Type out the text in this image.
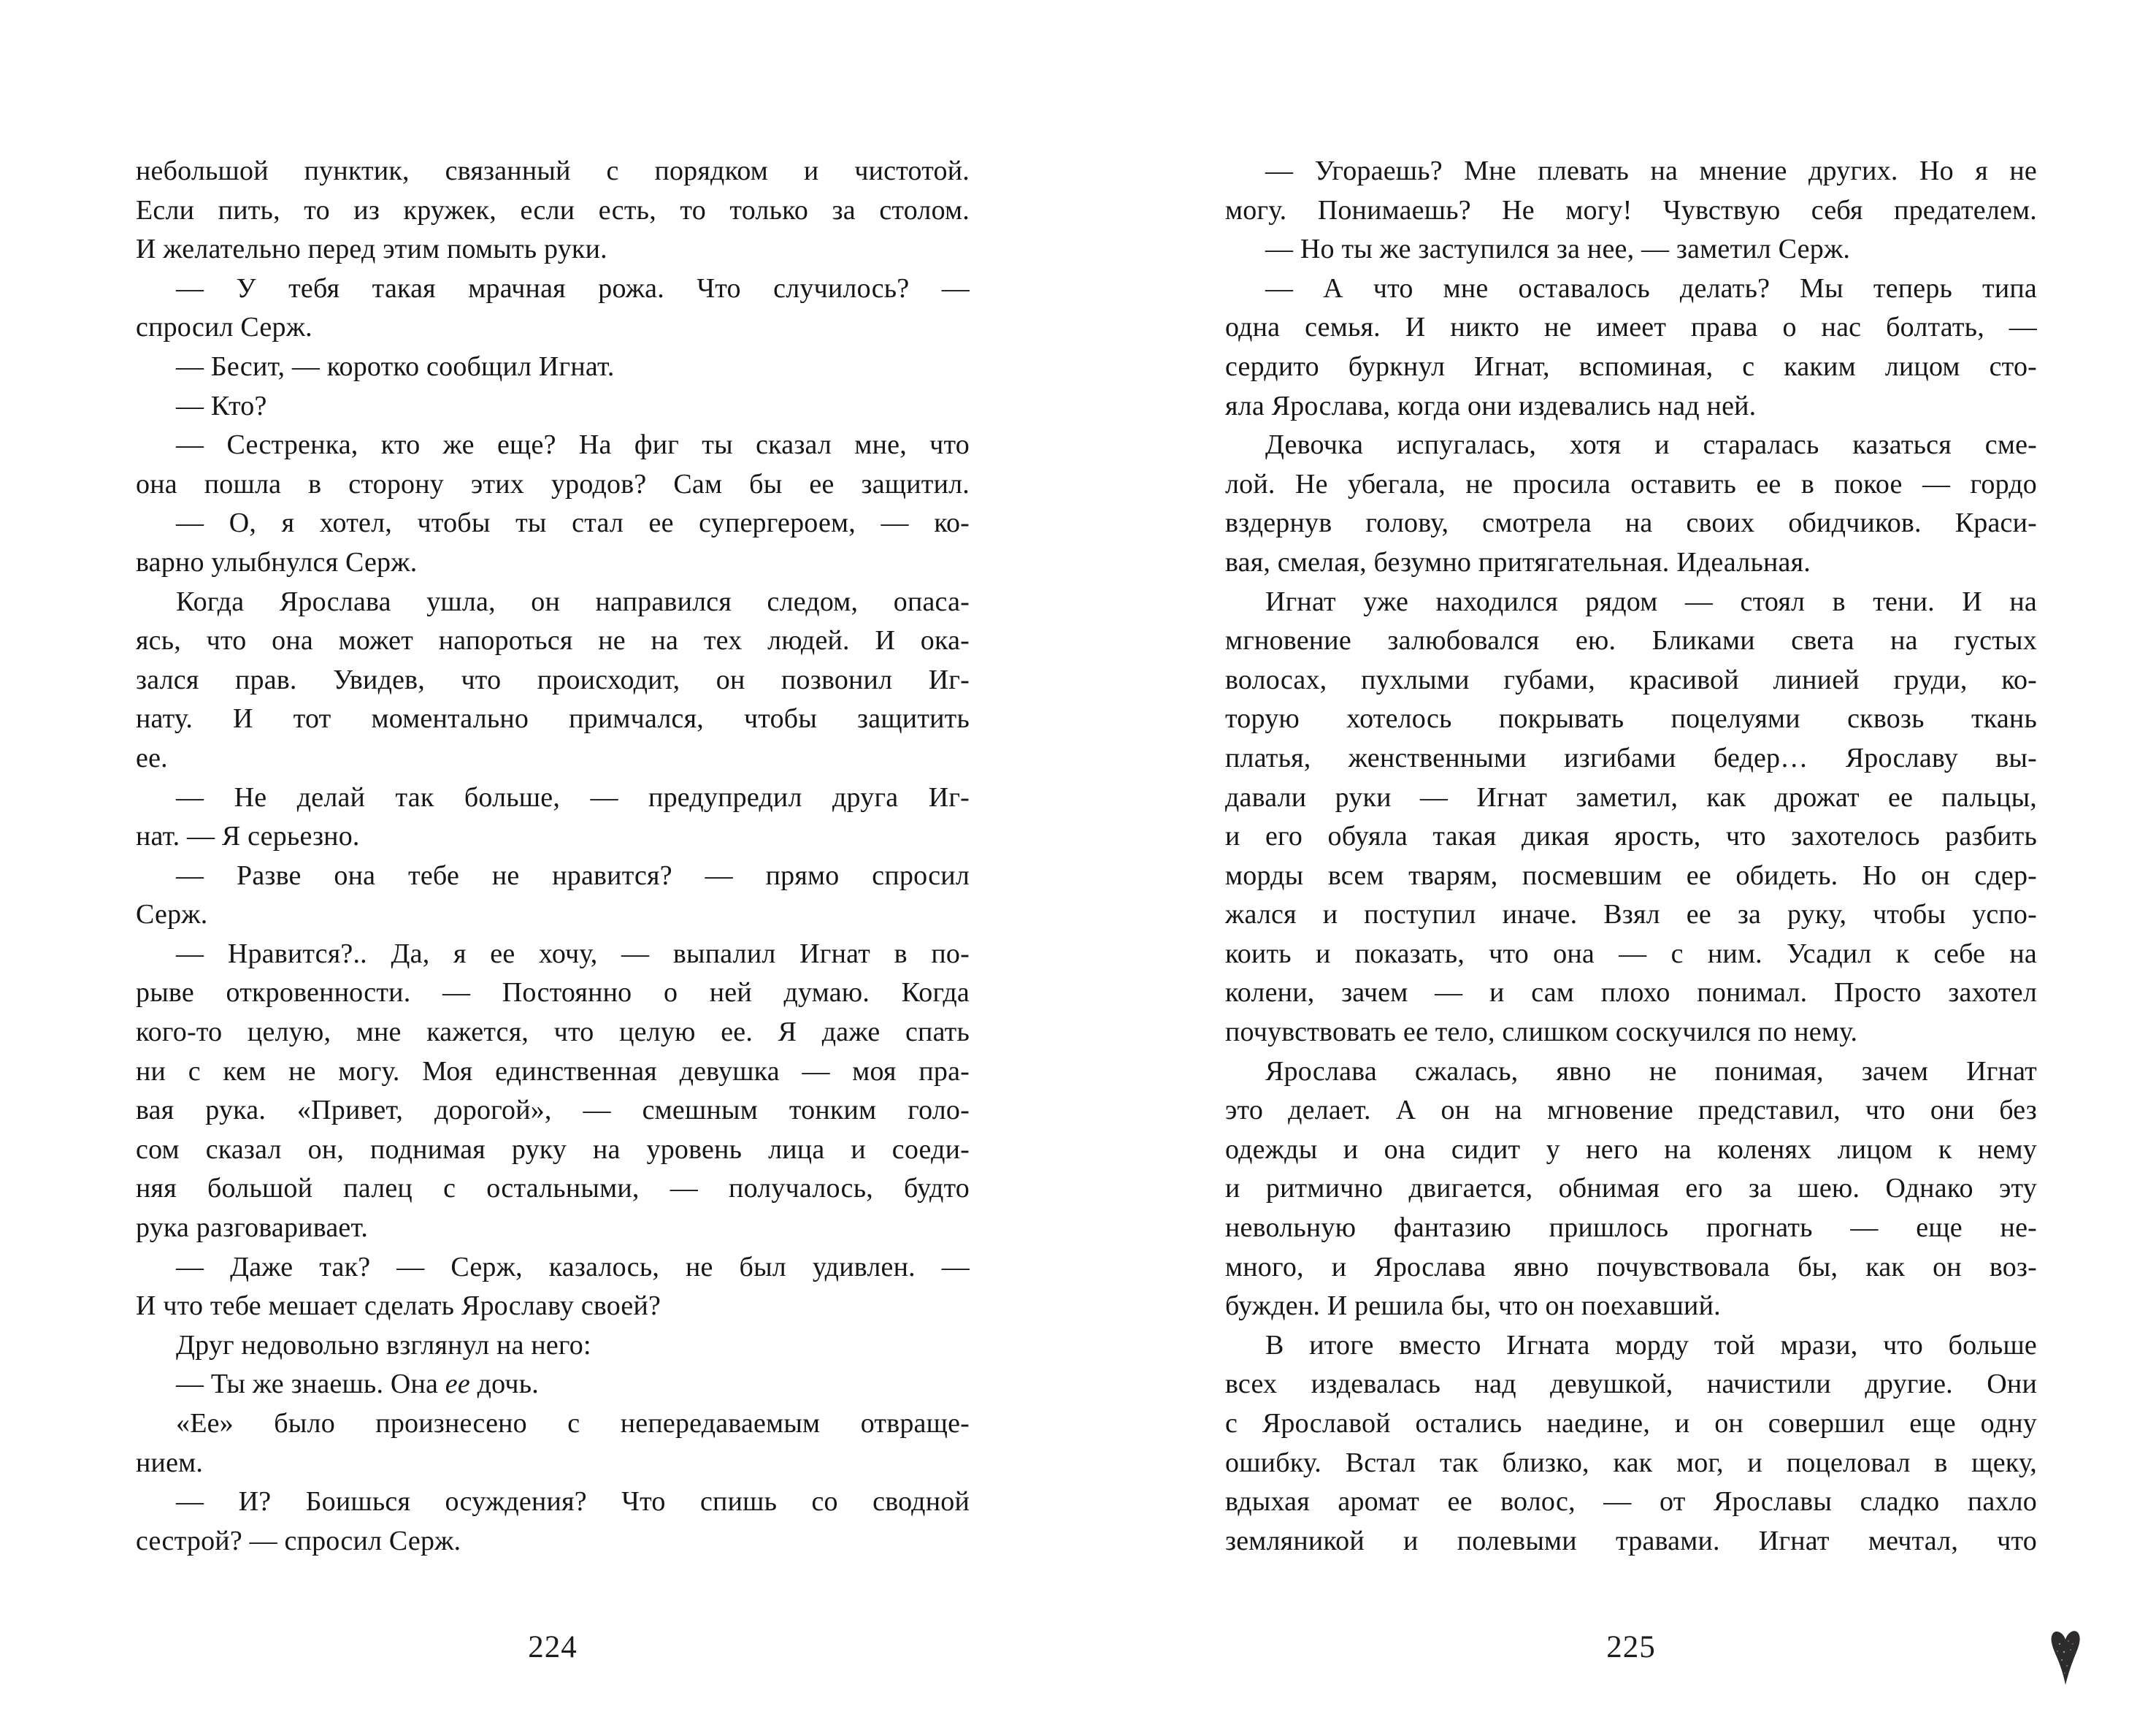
небольшой пунктик, связанный с порядком и чистотой.
Если пить, то из кружек, если есть, то только за столом.
И желательно перед этим помыть руки.
— У тебя такая мрачная рожа. Что случилось? —
спросил Серж.
— Бесит, — коротко сообщил Игнат.
— Кто?
— Сестренка, кто же еще? На фиг ты сказал мне, что
она пошла в сторону этих уродов? Сам бы ее защитил.
— О, я хотел, чтобы ты стал ее супергероем, — ко-
варно улыбнулся Серж.
Когда Ярослава ушла, он направился следом, опаса-
ясь, что она может напороться не на тех людей. И ока-
зался прав. Увидев, что происходит, он позвонил Иг-
нату. И тот моментально примчался, чтобы защитить
ее.
— Не делай так больше, — предупредил друга Иг-
нат. — Я серьезно.
— Разве она тебе не нравится? — прямо спросил
Серж.
— Нравится?.. Да, я ее хочу, — выпалил Игнат в по-
рыве откровенности. — Постоянно о ней думаю. Когда
кого-то целую, мне кажется, что целую ее. Я даже спать
ни с кем не могу. Моя единственная девушка — моя пра-
вая рука. «Привет, дорогой», — смешным тонким голо-
сом сказал он, поднимая руку на уровень лица и соеди-
няя большой палец с остальными, — получалось, будто
рука разговаривает.
— Даже так? — Серж, казалось, не был удивлен. —
И что тебе мешает сделать Ярославу своей?
Друг недовольно взглянул на него:
— Ты же знаешь. Она ее дочь.
«Ее» было произнесено с непередаваемым отвраще-
нием.
— И? Боишься осуждения? Что спишь со сводной
сестрой? — спросил Серж.
— Угораешь? Мне плевать на мнение других. Но я не
могу. Понимаешь? Не могу! Чувствую себя предателем.
— Но ты же заступился за нее, — заметил Серж.
— А что мне оставалось делать? Мы теперь типа
одна семья. И никто не имеет права о нас болтать, —
сердито буркнул Игнат, вспоминая, с каким лицом сто-
яла Ярослава, когда они издевались над ней.
Девочка испугалась, хотя и старалась казаться сме-
лой. Не убегала, не просила оставить ее в покое — гордо
вздернув голову, смотрела на своих обидчиков. Краси-
вая, смелая, безумно притягательная. Идеальная.
Игнат уже находился рядом — стоял в тени. И на
мгновение залюбовался ею. Бликами света на густых
волосах, пухлыми губами, красивой линией груди, ко-
торую хотелось покрывать поцелуями сквозь ткань
платья, женственными изгибами бедер… Ярославу вы-
давали руки — Игнат заметил, как дрожат ее пальцы,
и его обуяла такая дикая ярость, что захотелось разбить
морды всем тварям, посмевшим ее обидеть. Но он сдер-
жался и поступил иначе. Взял ее за руку, чтобы успо-
коить и показать, что она — с ним. Усадил к себе на
колени, зачем — и сам плохо понимал. Просто захотел
почувствовать ее тело, слишком соскучился по нему.
Ярослава сжалась, явно не понимая, зачем Игнат
это делает. А он на мгновение представил, что они без
одежды и она сидит у него на коленях лицом к нему
и ритмично двигается, обнимая его за шею. Однако эту
невольную фантазию пришлось прогнать — еще не-
много, и Ярослава явно почувствовала бы, как он воз-
бужден. И решила бы, что он поехавший.
В итоге вместо Игната морду той мрази, что больше
всех издевалась над девушкой, начистили другие. Они
с Ярославой остались наедине, и он совершил еще одну
ошибку. Встал так близко, как мог, и поцеловал в щеку,
вдыхая аромат ее волос, — от Ярославы сладко пахло
земляникой и полевыми травами. Игнат мечтал, что
224	225
